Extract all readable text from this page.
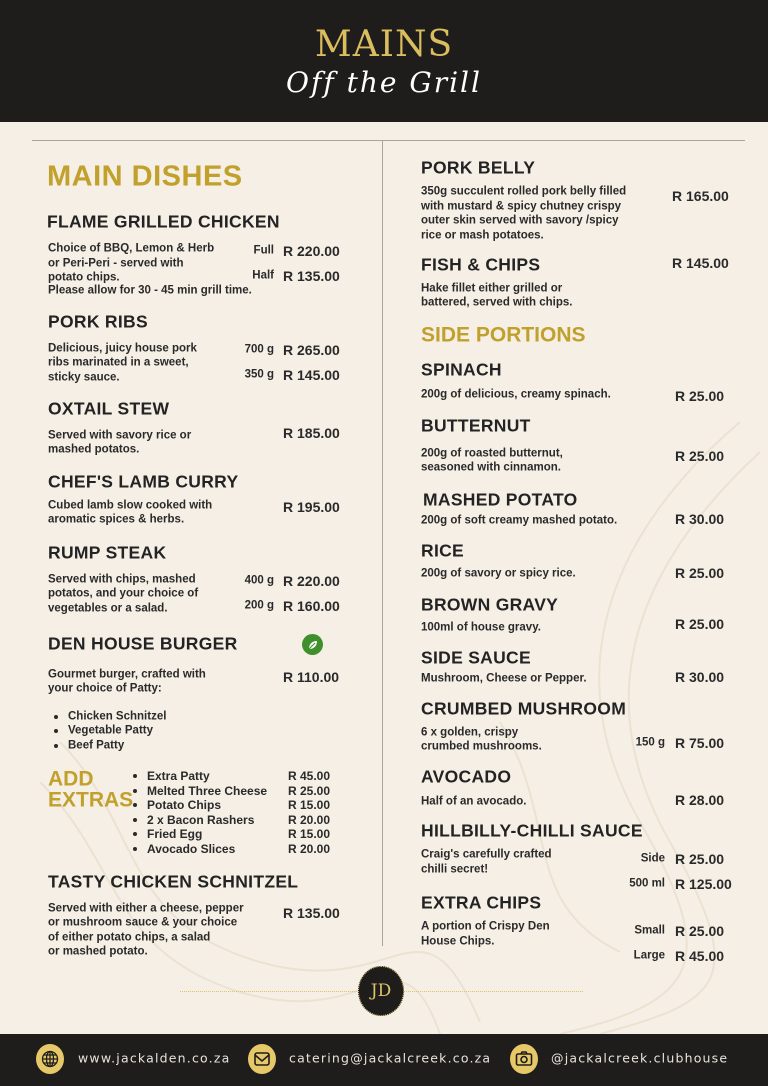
MAINS
Off the Grill
MAIN DISHES
FLAME GRILLED CHICKEN
Choice of BBQ, Lemon & Herb
or Peri-Peri - served with
potato chips.
Please allow for 30 - 45 min grill time.
Full R 220.00
Half R 135.00
PORK RIBS
Delicious, juicy house pork
ribs marinated in a sweet,
sticky sauce.
700 g R 265.00
350 g R 145.00
OXTAIL STEW
Served with savory rice or
mashed potatos.
R 185.00
CHEF'S LAMB CURRY
Cubed lamb slow cooked with
aromatic spices & herbs.
R 195.00
RUMP STEAK
Served with chips, mashed
potatos, and your choice of
vegetables or a salad.
400 g R 220.00
200 g R 160.00
DEN HOUSE BURGER
Gourmet burger, crafted with
your choice of Patty:
R 110.00
TASTY CHICKEN SCHNITZEL
Served with either a cheese, pepper
or mushroom sauce & your choice
of either potato chips, a salad
or mashed potato.
R 135.00
Chicken Schnitzel
Vegetable Patty
Beef Patty
ADD
EXTRAS
Extra Patty	R 45.00
Melted Three Cheese R 25.00
Potato Chips	R 15.00
2 x Bacon Rashers	R 20.00
Fried Egg	R 15.00
Avocado Slices	R 20.00
PORK BELLY
350g succulent rolled pork belly filled
with mustard & spicy chutney crispy
outer skin served with savory /spicy
rice or mash potatoes.
R 165.00
FISH & CHIPS
Hake fillet either grilled or
battered, served with chips.
R 145.00
SIDE PORTIONS
SPINACH
200g of delicious, creamy spinach.	R 25.00
BUTTERNUT
200g of roasted butternut,
seasoned with cinnamon.
R 25.00
MASHED POTATO
200g of soft creamy mashed potato.	R 30.00
RICE
200g of savory or spicy rice.	R 25.00
BROWN GRAVY
100ml of house gravy.	R 25.00
SIDE SAUCE
Mushroom, Cheese or Pepper.	R 30.00
CRUMBED MUSHROOM
6 x golden, crispy
crumbed mushrooms.	150 g R 75.00
AVOCADO
Half of an avocado.	R 28.00
HILLBILLY-CHILLI SAUCE
Craig's carefully crafted
chilli secret!
Side R 25.00
500 ml R 125.00
EXTRA CHIPS
A portion of Crispy Den
House Chips.
Small R 25.00
Large R 45.00
JD
www.jackalden.co.za	catering@jackalcreek.co.za	@jackalcreek.clubhouse
